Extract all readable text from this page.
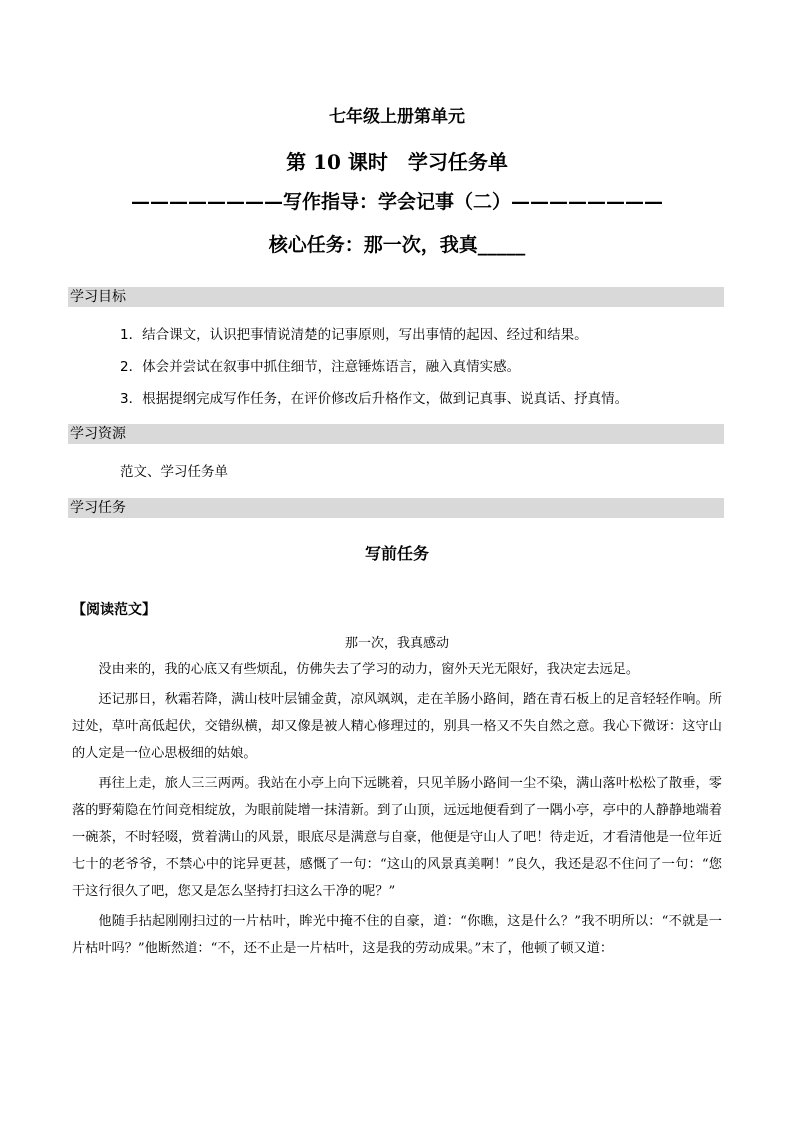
七年级上册第单元
第 10 课时　学习任务单
————————写作指导：学会记事（二）————————
核心任务：那一次，我真_____
学习目标
1．结合课文，认识把事情说清楚的记事原则，写出事情的起因、经过和结果。
2．体会并尝试在叙事中抓住细节，注意锤炼语言，融入真情实感。
3．根据提纲完成写作任务，在评价修改后升格作文，做到记真事、说真话、抒真情。
学习资源
范文、学习任务单
学习任务
写前任务
【阅读范文】
那一次，我真感动

没由来的，我的心底又有些烦乱，仿佛失去了学习的动力，窗外天光无限好，我决定去远足。

还记那日，秋霜若降，满山枝叶层铺金黄，凉风飒飒，走在羊肠小路间，踏在青石板上的足音轻轻作响。所过处，草叶高低起伏，交错纵横，却又像是被人精心修理过的，别具一格又不失自然之意。我心下微讶：这守山的人定是一位心思极细的姑娘。

再往上走，旅人三三两两。我站在小亭上向下远眺着，只见羊肠小路间一尘不染，满山落叶松松了散垂，零落的野菊隐在竹间竞相绽放，为眼前陡增一抹清新。到了山顶，远远地便看到了一隅小亭，亭中的人静静地端着一碗茶，不时轻啜，赏着满山的风景，眼底尽是满意与自豪，他便是守山人了吧！待走近，才看清他是一位年近七十的老爷爷，不禁心中的诧异更甚，感慨了一句：“这山的风景真美啊！”良久，我还是忍不住问了一句：“您干这行很久了吧，您又是怎么坚持打扫这么干净的呢？”

他随手拈起刚刚扫过的一片枯叶，眸光中掩不住的自豪，道：“你瞧，这是什么？”我不明所以：“不就是一片枯叶吗？”他断然道：“不，还不止是一片枯叶，这是我的劳动成果。”末了，他顿了顿又道：
